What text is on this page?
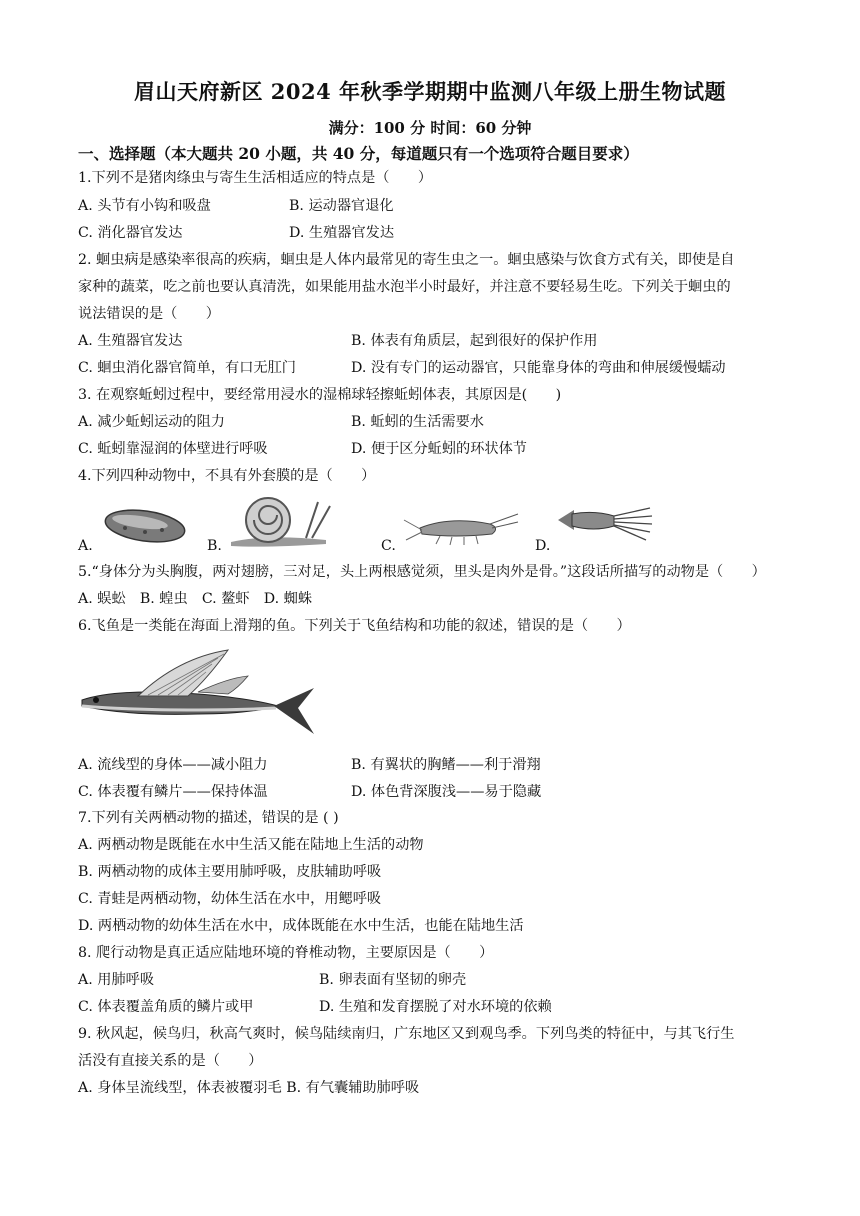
眉山天府新区 2024 年秋季学期期中监测八年级上册生物试题
满分：100 分 时间：60 分钟
一、选择题（本大题共 20 小题，共 40 分，每道题只有一个选项符合题目要求）
1.下列不是猪肉绦虫与寄生生活相适应的特点是（　　）
A. 头节有小钩和吸盘	B. 运动器官退化
C. 消化器官发达	D. 生殖器官发达
2. 蛔虫病是感染率很高的疾病，蛔虫是人体内最常见的寄生虫之一。蛔虫感染与饮食方式有关，即使是自
家种的蔬菜，吃之前也要认真清洗，如果能用盐水泡半小时最好，并注意不要轻易生吃。下列关于蛔虫的
说法错误的是（　　）
A. 生殖器官发达	B. 体表有角质层，起到很好的保护作用
C. 蛔虫消化器官简单，有口无肛门	D. 没有专门的运动器官，只能靠身体的弯曲和伸展缓慢蠕动
3. 在观察蚯蚓过程中，要经常用浸水的湿棉球轻擦蚯蚓体表，其原因是(　　)
A. 减少蚯蚓运动的阻力	B. 蚯蚓的生活需要水
C. 蚯蚓靠湿润的体壁进行呼吸	D. 便于区分蚯蚓的环状体节
4.下列四种动物中，不具有外套膜的是（　　）
A.	B.	C.	D.
5.“身体分为头胸腹，两对翅膀，三对足，头上两根感觉须，里头是肉外是骨。”这段话所描写的动物是（　　）
A. 蜈蚣　B. 蝗虫　C. 鳌虾　D. 蜘蛛
6.飞鱼是一类能在海面上滑翔的鱼。下列关于飞鱼结构和功能的叙述，错误的是（　　）
A. 流线型的身体——减小阻力	B. 有翼状的胸鳍——利于滑翔
C. 体表覆有鳞片——保持体温	D. 体色背深腹浅——易于隐藏
7.下列有关两栖动物的描述，错误的是 ( )
A. 两栖动物是既能在水中生活又能在陆地上生活的动物
B. 两栖动物的成体主要用肺呼吸，皮肤辅助呼吸
C. 青蛙是两栖动物，幼体生活在水中，用鳃呼吸
D. 两栖动物的幼体生活在水中，成体既能在水中生活，也能在陆地生活
8. 爬行动物是真正适应陆地环境的脊椎动物，主要原因是（　　）
A. 用肺呼吸	B. 卵表面有坚韧的卵壳
C. 体表覆盖角质的鳞片或甲	D. 生殖和发育摆脱了对水环境的依赖
9. 秋风起，候鸟归，秋高气爽时，候鸟陆续南归，广东地区又到观鸟季。下列鸟类的特征中，与其飞行生
活没有直接关系的是（　　）
A. 身体呈流线型，体表被覆羽毛 B. 有气囊辅助肺呼吸
